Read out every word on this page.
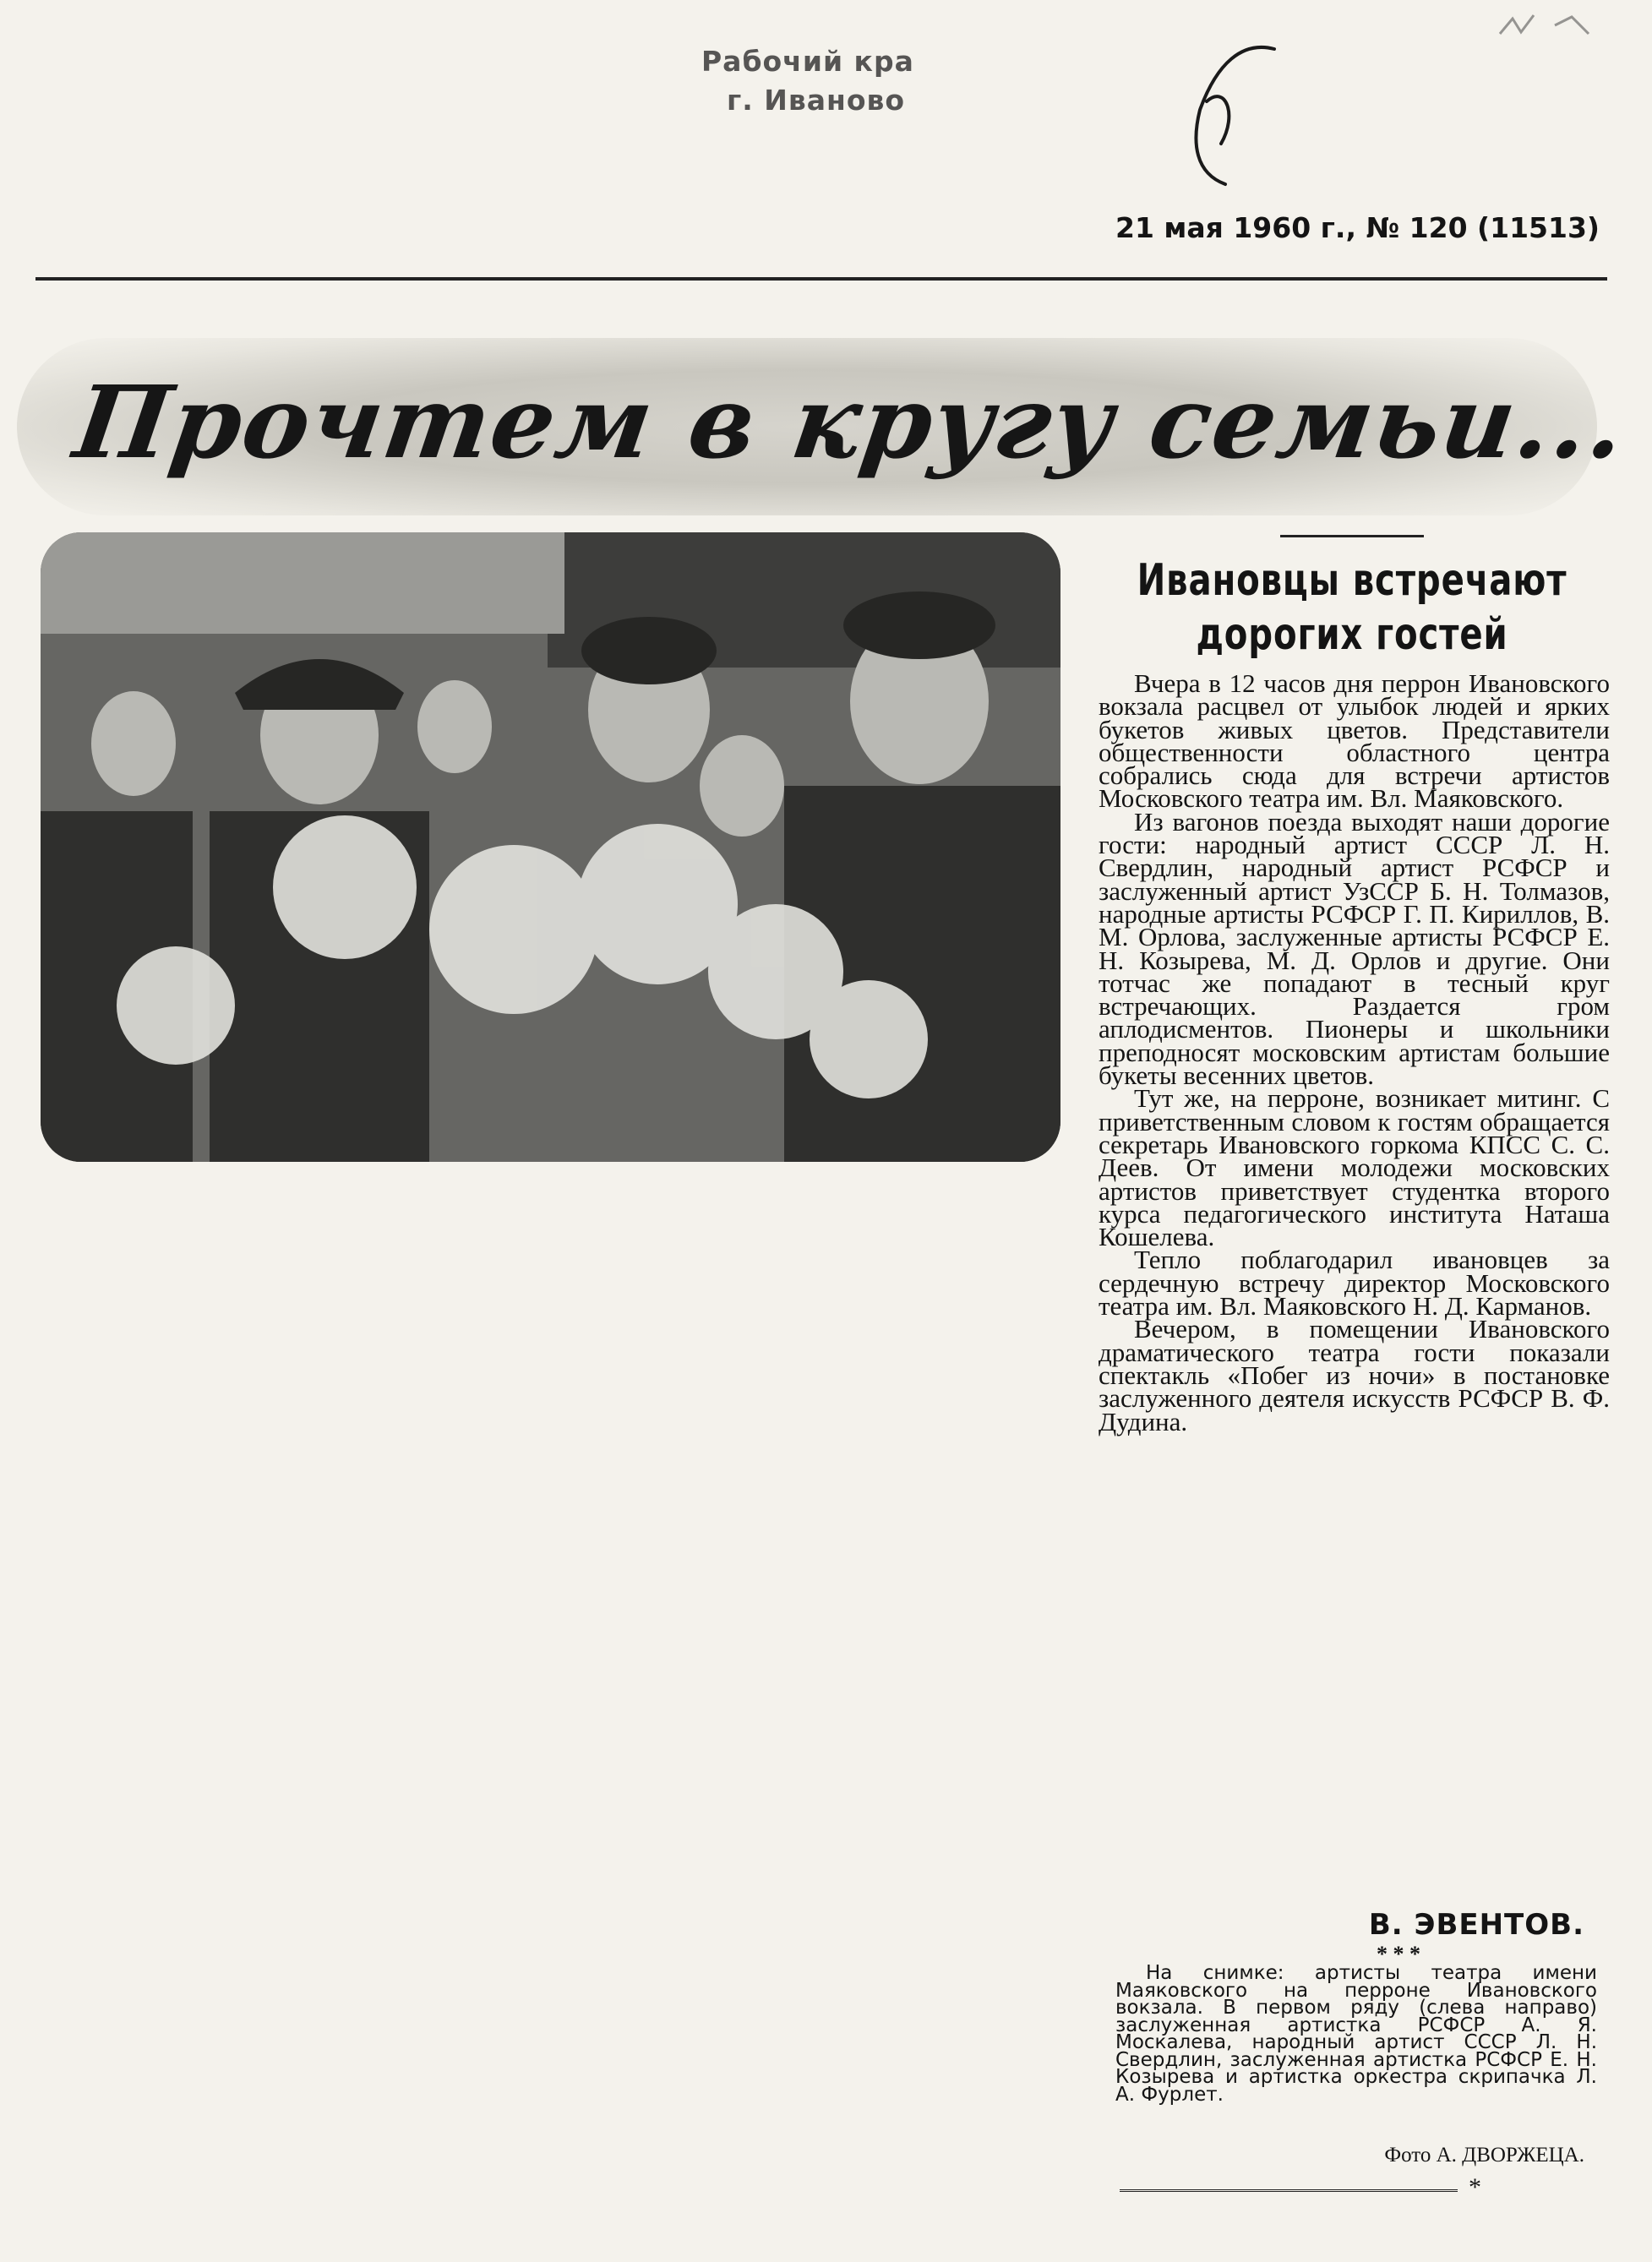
Рабочий кра
г. Иваново
21 мая 1960 г., № 120 (11513)
Прочтем в кругу семьи...
Ивановцы встречают
дорогих гостей

Вчера в 12 часов дня перрон Ивановского вокзала расцвел от улыбок людей и ярких букетов живых цветов. Представители общественности областного центра собрались сюда для встречи артистов Московского театра им. Вл. Маяковского.

Из вагонов поезда выходят наши дорогие гости: народный артист СССР Л. Н. Свердлин, народный артист РСФСР и заслуженный артист УзССР Б. Н. Толмазов, народные артисты РСФСР Г. П. Кириллов, В. М. Орлова, заслуженные артисты РСФСР Е. Н. Козырева, М. Д. Орлов и другие. Они тотчас же попадают в тесный круг встречающих. Раздается гром аплодисментов. Пионеры и школьники преподносят московским артистам большие букеты весенних цветов.

Тут же, на перроне, возникает митинг. С приветственным словом к гостям обращается секретарь Ивановского горкома КПСС С. С. Деев. От имени молодежи московских артистов приветствует студентка второго курса педагогического института Наташа Кошелева.

Тепло поблагодарил ивановцев за сердечную встречу директор Московского театра им. Вл. Маяковского Н. Д. Карманов.

Вечером, в помещении Ивановского драматического театра гости показали спектакль «Побег из ночи» в постановке заслуженного деятеля искусств РСФСР В. Ф. Дудина.

В. ЭВЕНТОВ.
* * *

На снимке: артисты театра имени Маяковского на перроне Ивановского вокзала. В первом ряду (слева направо) заслуженная артистка РСФСР А. Я. Москалева, народный артист СССР Л. Н. Свердлин, заслуженная артистка РСФСР Е. Н. Козырева и артистка оркестра скрипачка Л. А. Фурлет.

Фото А. ДВОРЖЕЦА.
*
